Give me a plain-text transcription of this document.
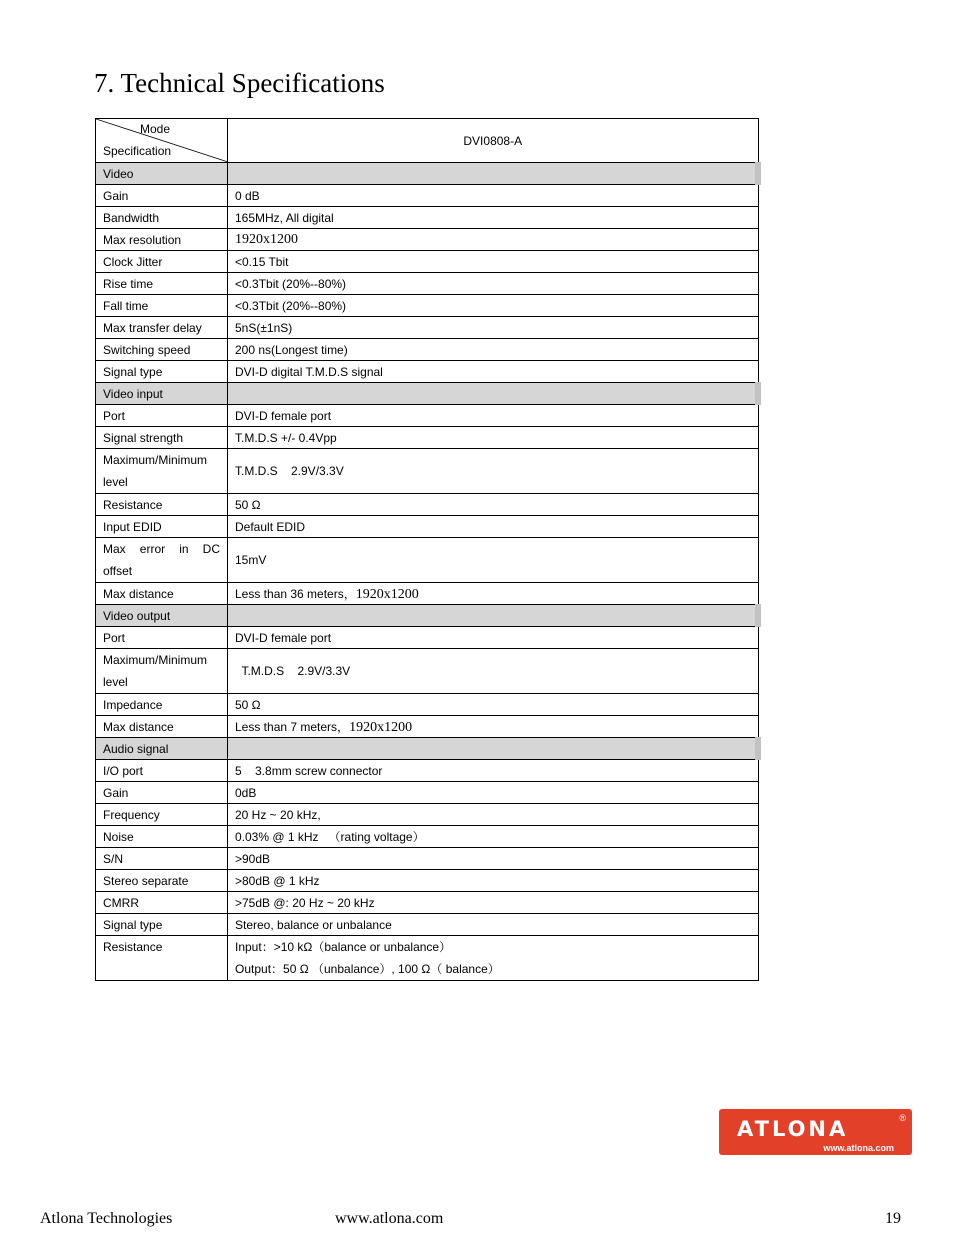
7. Technical Specifications
Mode
Specification	DVI0808-A
Video	
Gain	0 dB
Bandwidth	165MHz, All digital
Max resolution	1920x1200
Clock Jitter	<0.15 Tbit
Rise time	<0.3Tbit (20%--80%)
Fall time	<0.3Tbit (20%--80%)
Max transfer delay	5nS(±1nS)
Switching speed	200 ns(Longest time)
Signal type	DVI-D digital T.M.D.S signal
Video input	
Port	DVI-D female port
Signal strength	T.M.D.S +/- 0.4Vpp
Maximum/Minimum level	T.M.D.S    2.9V/3.3V
Resistance	50 Ω
Input EDID	Default EDID
Max error in DC offset	15mV
Max distance	Less than 36 meters，1920x1200
Video output	
Port	DVI-D female port
Maximum/Minimum level	T.M.D.S    2.9V/3.3V
Impedance	50 Ω
Max distance	Less than 7 meters，1920x1200
Audio signal	
I/O port	5    3.8mm screw connector
Gain	0dB
Frequency	20 Hz ~ 20 kHz,
Noise	0.03% @ 1 kHz   （rating voltage）
S/N	>90dB
Stereo separate	>80dB @ 1 kHz
CMRR	>75dB @: 20 Hz ~ 20 kHz
Signal type	Stereo, balance or unbalance
Resistance	Input：>10 kΩ（balance or unbalance）
Output：50 Ω （unbalance）, 100 Ω（ balance）
ATLONA	®
www.atlona.com
Atlona Technologies	www.atlona.com	19
